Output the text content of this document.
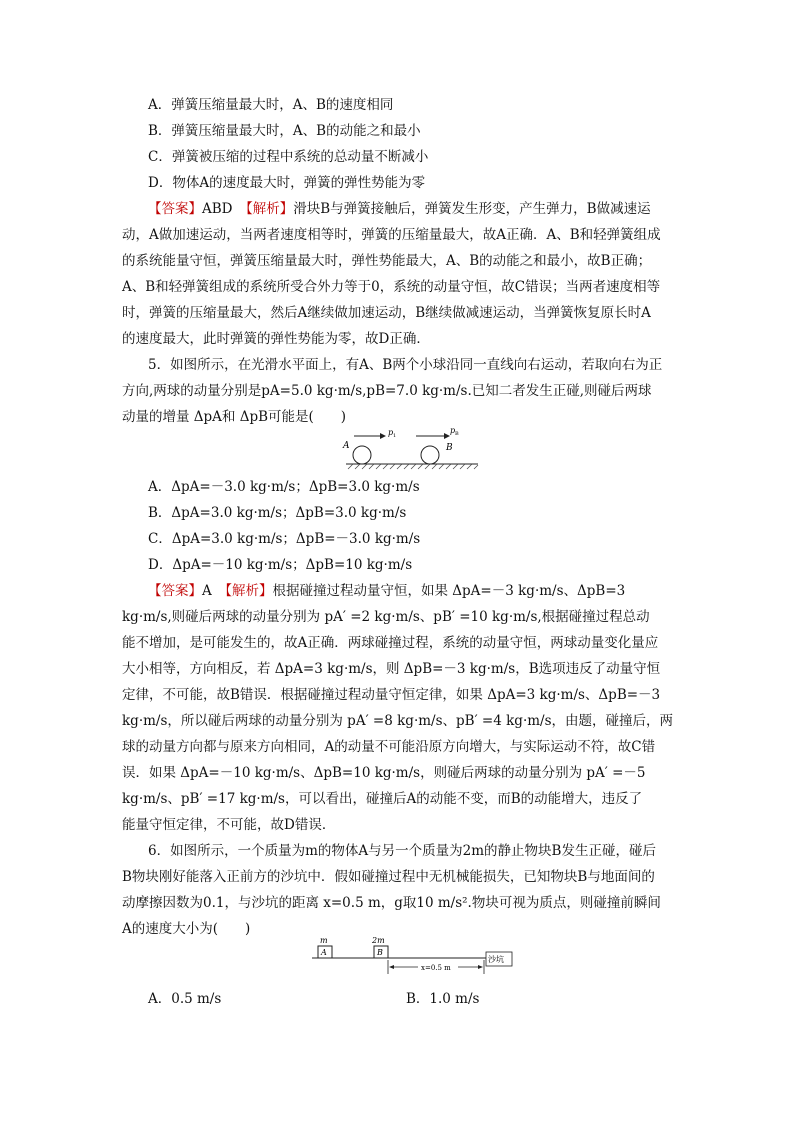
A．弹簧压缩量最大时，A、B的速度相同
B．弹簧压缩量最大时，A、B的动能之和最小
C．弹簧被压缩的过程中系统的总动量不断减小
D．物体A的速度最大时，弹簧的弹性势能为零
【答案】ABD　 【解析】滑块B与弹簧接触后，弹簧发生形变，产生弹力，B做减速运
动，A做加速运动，当两者速度相等时，弹簧的压缩量最大，故A正确．A、B和轻弹簧组成
的系统能量守恒，弹簧压缩量最大时，弹性势能最大，A、B的动能之和最小，故B正确；
A、B和轻弹簧组成的系统所受合外力等于0，系统的动量守恒，故C错误；当两者速度相等
时，弹簧的压缩量最大，然后A继续做加速运动，B继续做减速运动，当弹簧恢复原长时A
的速度最大，此时弹簧的弹性势能为零，故D正确．
5．如图所示，在光滑水平面上，有A、B两个小球沿同一直线向右运动，若取向右为正
方向,两球的动量分别是pA=5.0 kg·m/s,pB=7.0 kg·m/s.已知二者发生正碰,则碰后两球
动量的增量 ΔpA和 ΔpB可能是(　　)
A	B
p 1
p B
A．ΔpA=－3.0 kg·m/s；ΔpB=3.0 kg·m/s
B．ΔpA=3.0 kg·m/s；ΔpB=3.0 kg·m/s
C．ΔpA=3.0 kg·m/s；ΔpB=－3.0 kg·m/s
D．ΔpA=－10 kg·m/s；ΔpB=10 kg·m/s
【答案】A　 【解析】根据碰撞过程动量守恒，如果 ΔpA=－3 kg·m/s、ΔpB=3
kg·m/s,则碰后两球的动量分别为 pA′ =2 kg·m/s、pB′ =10 kg·m/s,根据碰撞过程总动
能不增加，是可能发生的，故A正确．两球碰撞过程，系统的动量守恒，两球动量变化量应
大小相等，方向相反，若 ΔpA=3 kg·m/s，则 ΔpB=－3 kg·m/s，B选项违反了动量守恒
定律，不可能，故B错误．根据碰撞过程动量守恒定律，如果 ΔpA=3 kg·m/s、ΔpB=－3
kg·m/s，所以碰后两球的动量分别为 pA′ =8 kg·m/s、pB′ =4 kg·m/s，由题，碰撞后，两
球的动量方向都与原来方向相同，A的动量不可能沿原方向增大，与实际运动不符，故C错
误．如果 ΔpA=－10 kg·m/s、ΔpB=10 kg·m/s，则碰后两球的动量分别为 pA′ =－5
kg·m/s、pB′ =17 kg·m/s，可以看出，碰撞后A的动能不变，而B的动能增大，违反了
能量守恒定律，不可能，故D错误．
6．如图所示，一个质量为m的物体A与另一个质量为2m的静止物块B发生正碰，碰后
B物块刚好能落入正前方的沙坑中．假如碰撞过程中无机械能损失，已知物块B与地面间的
动摩擦因数为0.1，与沙坑的距离 x=0.5 m，g取10 m/s².物块可视为质点，则碰撞前瞬间
A的速度大小为(　　)
m
A
2m
B
x=0.5 m
沙坑
A．0.5 m/s	B．1.0 m/s
